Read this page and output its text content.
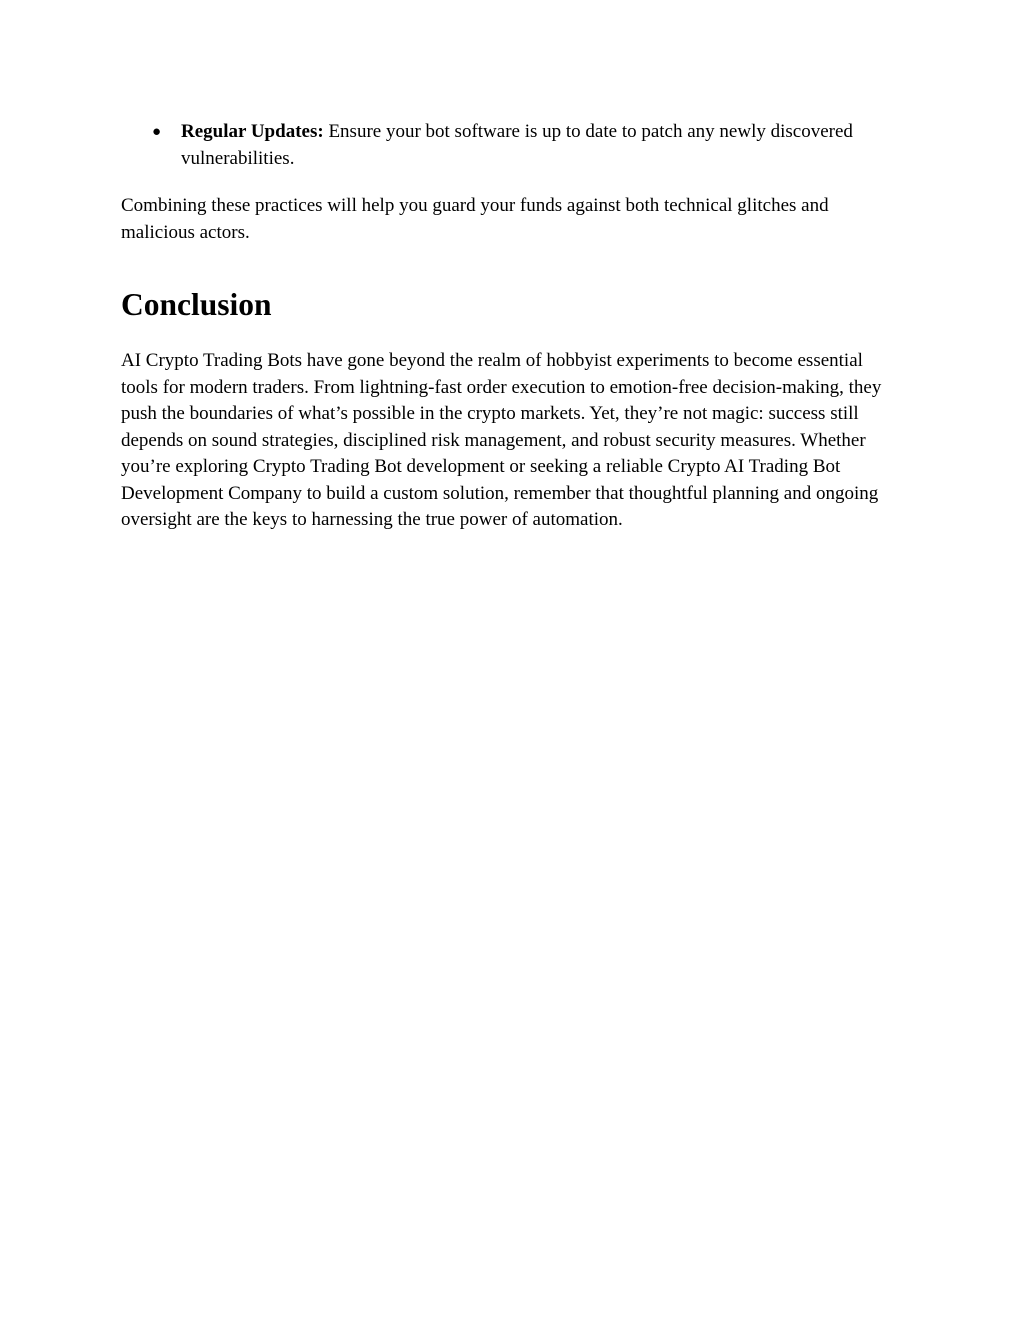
● Regular Updates: Ensure your bot software is up to date to patch any newly discovered vulnerabilities.

Combining these practices will help you guard your funds against both technical glitches and malicious actors.

Conclusion

AI Crypto Trading Bots have gone beyond the realm of hobbyist experiments to become essential tools for modern traders. From lightning-fast order execution to emotion-free decision-making, they push the boundaries of what’s possible in the crypto markets. Yet, they’re not magic: success still depends on sound strategies, disciplined risk management, and robust security measures. Whether you’re exploring Crypto Trading Bot development or seeking a reliable Crypto AI Trading Bot Development Company to build a custom solution, remember that thoughtful planning and ongoing oversight are the keys to harnessing the true power of automation.
